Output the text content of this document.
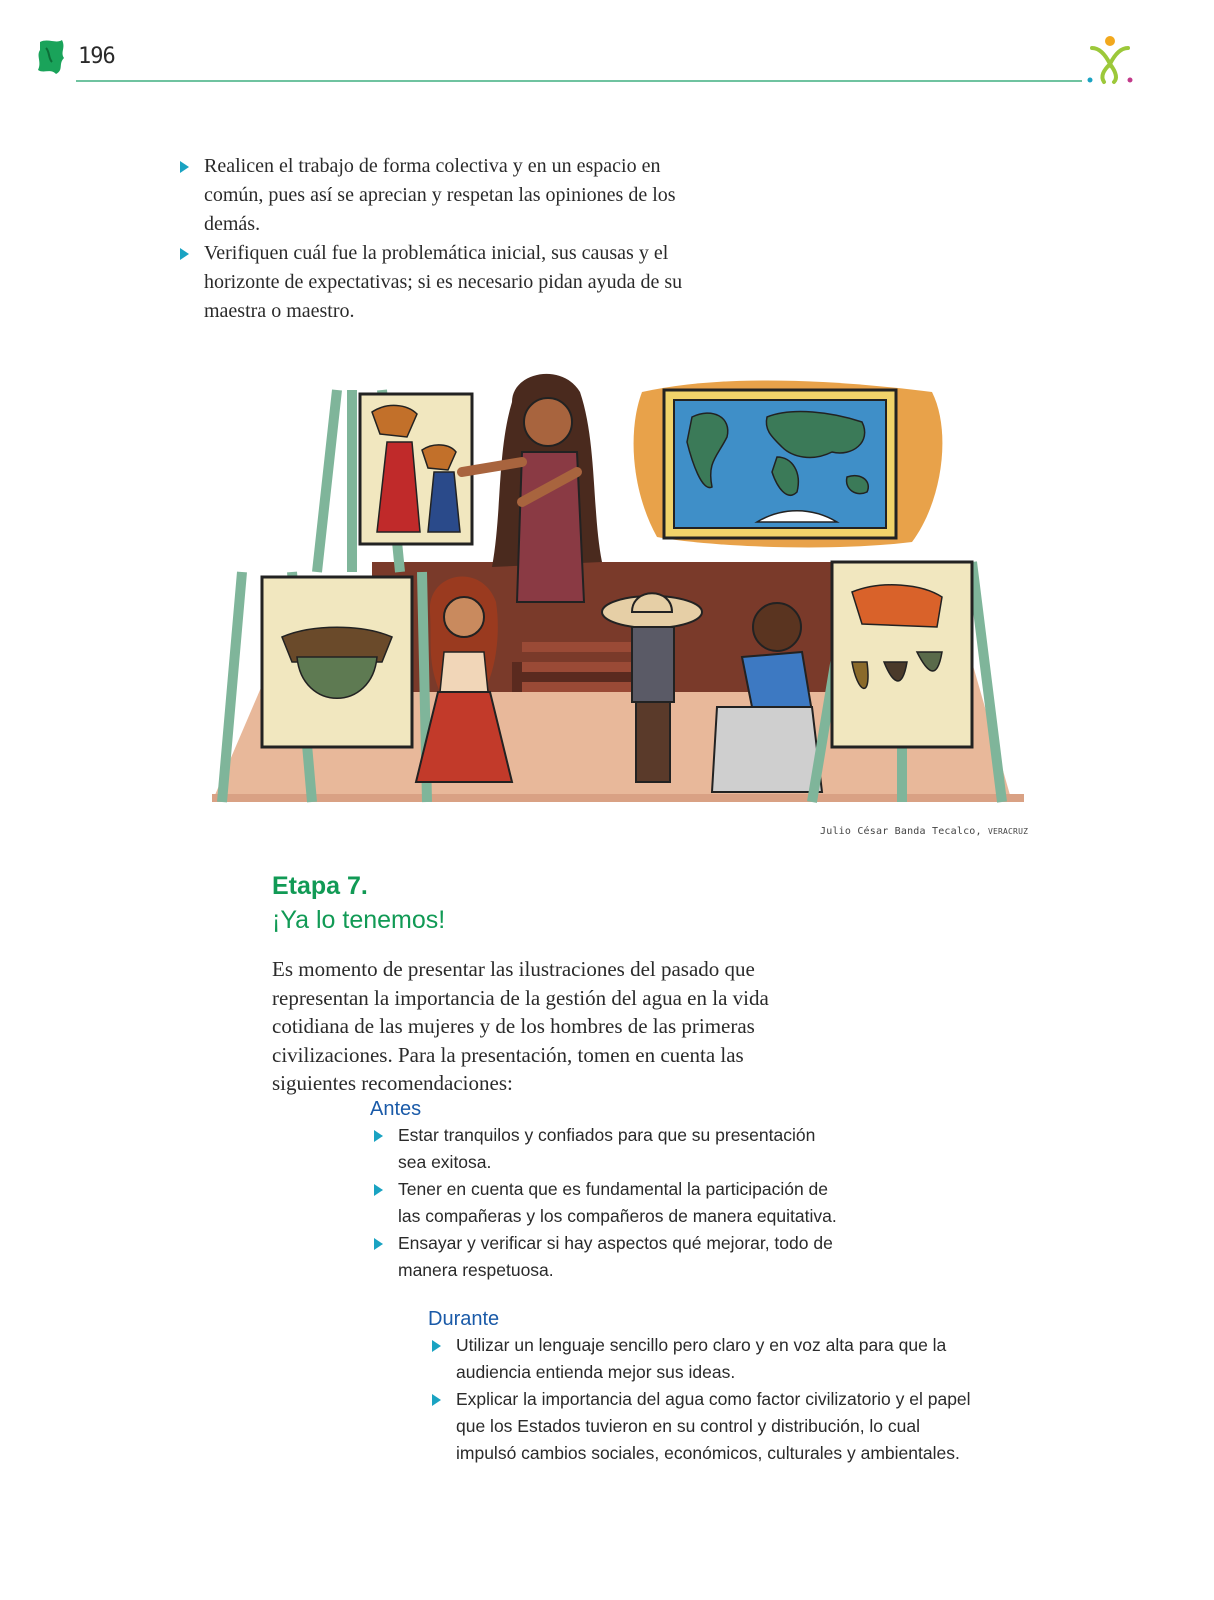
196
Realicen el trabajo de forma colectiva y en un espacio en común, pues así se aprecian y respetan las opiniones de los demás.
Verifiquen cuál fue la problemática inicial, sus causas y el horizonte de expectativas; si es necesario pidan ayuda de su maestra o maestro.
Julio César Banda Tecalco, VERACRUZ
Etapa 7.
¡Ya lo tenemos!

Es momento de presentar las ilustraciones del pasado que representan la importancia de la gestión del agua en la vida cotidiana de las mujeres y de los hombres de las primeras civilizaciones. Para la presentación, tomen en cuenta las siguientes recomendaciones:

Antes
Estar tranquilos y confiados para que su presentación sea exitosa.
Tener en cuenta que es fundamental la participación de las compañeras y los compañeros de manera equitativa.
Ensayar y verificar si hay aspectos qué mejorar, todo de manera respetuosa.
Durante
Utilizar un lenguaje sencillo pero claro y en voz alta para que la audiencia entienda mejor sus ideas.
Explicar la importancia del agua como factor civilizatorio y el papel que los Estados tuvieron en su control y distribución, lo cual impulsó cambios sociales, económicos, culturales y ambientales.
